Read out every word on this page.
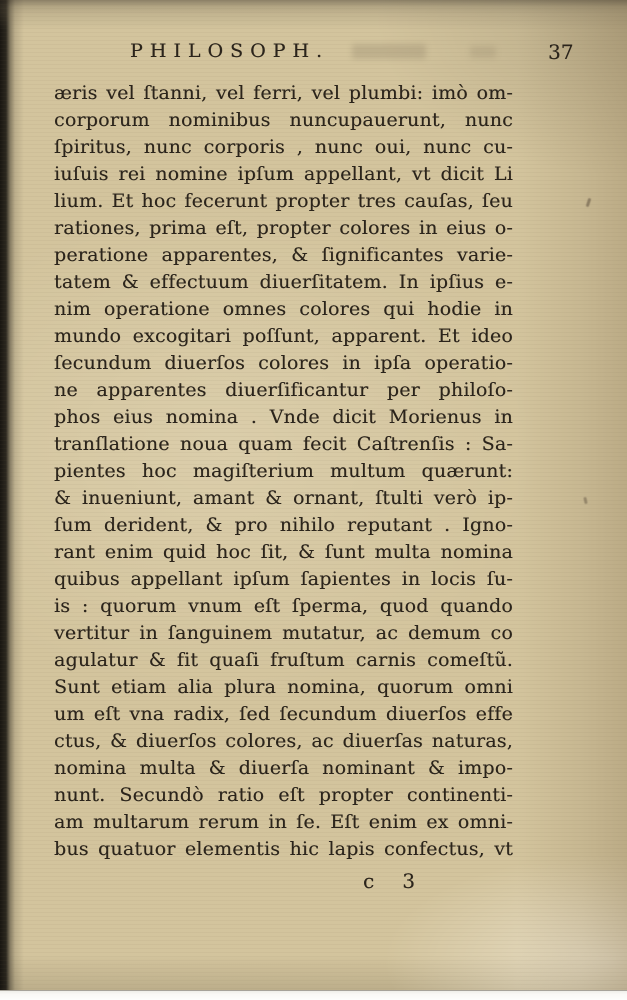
PHILOSOPH.	37
æris vel ſtanni, vel ferri, vel plumbi: imò om-
corporum nominibus nuncupauerunt, nunc
ſpiritus, nunc corporis , nunc oui, nunc cu-
iuſuis rei nomine ipſum appellant, vt dicit Li
lium. Et hoc fecerunt propter tres cauſas, ſeu
rationes, prima eſt, propter colores in eius o-
peratione apparentes, & ſignificantes varie-
tatem & effectuum diuerſitatem. In ipſius e-
nim operatione omnes colores qui hodie in
mundo excogitari poſſunt, apparent. Et ideo
ſecundum diuerſos colores in ipſa operatio-
ne apparentes diuerſificantur per philoſo-
phos eius nomina . Vnde dicit Morienus in
tranſlatione noua quam fecit Caſtrenſis : Sa-
pientes hoc magiſterium multum quærunt:
& inueniunt, amant & ornant, ſtulti verò ip-
ſum derident, & pro nihilo reputant . Igno-
rant enim quid hoc ſit, & ſunt multa nomina
quibus appellant ipſum ſapientes in locis ſu-
is : quorum vnum eſt ſperma, quod quando
vertitur in ſanguinem mutatur, ac demum co
agulatur & fit quaſi fruſtum carnis comeſtũ.
Sunt etiam alia plura nomina, quorum omni
um eſt vna radix, ſed ſecundum diuerſos effe
ctus, & diuerſos colores, ac diuerſas naturas,
nomina multa & diuerſa nominant & impo-
nunt. Secundò ratio eſt propter continenti-
am multarum rerum in ſe. Eſt enim ex omni-
bus quatuor elementis hic lapis confectus, vt
c 3
